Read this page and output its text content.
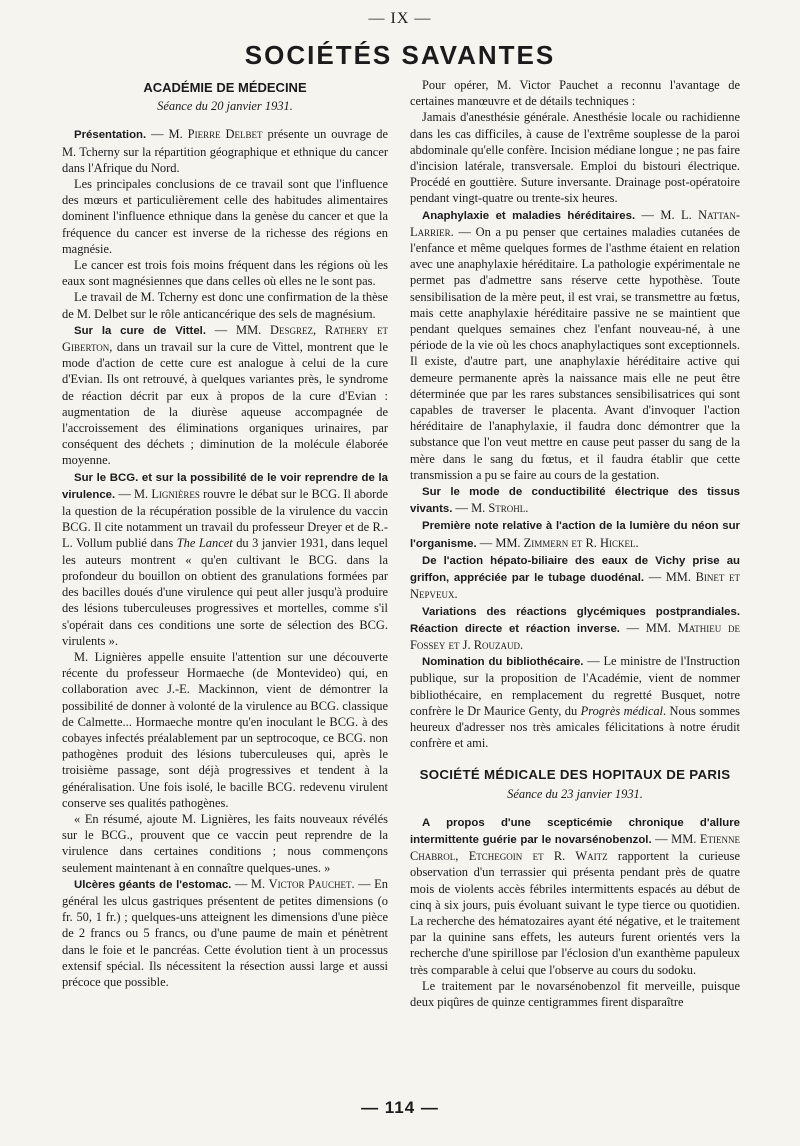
— IX —
SOCIÉTÉS SAVANTES
ACADÉMIE DE MÉDECINE
Séance du 20 janvier 1931.

Présentation. — M. Pierre Delbet présente un ouvrage de M. Tcherny sur la répartition géographique et ethnique du cancer dans l'Afrique du Nord.

Les principales conclusions de ce travail sont que l'influence des mœurs et particulièrement celle des habitudes alimentaires dominent l'influence ethnique dans la genèse du cancer et que la fréquence du cancer est inverse de la richesse des régions en magnésie.

Le cancer est trois fois moins fréquent dans les régions où les eaux sont magnésiennes que dans celles où elles ne le sont pas.

Le travail de M. Tcherny est donc une confirmation de la thèse de M. Delbet sur le rôle anticancérique des sels de magnésium.

Sur la cure de Vittel. — MM. Desgrez, Rathery et Giberton, dans un travail sur la cure de Vittel, montrent que le mode d'action de cette cure est analogue à celui de la cure d'Evian. Ils ont retrouvé, à quelques variantes près, le syndrome de réaction décrit par eux à propos de la cure d'Evian : augmentation de la diurèse aqueuse accompagnée de l'accroissement des éliminations organiques urinaires, par conséquent des déchets ; diminution de la molécule élaborée moyenne.

Sur le BCG. et sur la possibilité de le voir reprendre de la virulence. — M. Lignières rouvre le débat sur le BCG. Il aborde la question de la récupération possible de la virulence du vaccin BCG. Il cite notamment un travail du professeur Dreyer et de R.-L. Vollum publié dans The Lancet du 3 janvier 1931, dans lequel les auteurs montrent « qu'en cultivant le BCG. dans la profondeur du bouillon on obtient des granulations formées par des bacilles doués d'une virulence qui peut aller jusqu'à produire des lésions tuberculeuses progressives et mortelles, comme s'il s'opérait dans ces conditions une sorte de sélection des BCG. virulents ».

M. Lignières appelle ensuite l'attention sur une découverte récente du professeur Hormaeche (de Montevideo) qui, en collaboration avec J.-E. Mackinnon, vient de démontrer la possibilité de donner à volonté de la virulence au BCG. classique de Calmette... Hormaeche montre qu'en inoculant le BCG. à des cobayes infectés préalablement par un septrocoque, ce BCG. non pathogènes produit des lésions tuberculeuses qui, après le troisième passage, sont déjà progressives et tendent à la généralisation. Une fois isolé, le bacille BCG. redevenu virulent conserve ses qualités pathogènes.

« En résumé, ajoute M. Lignières, les faits nouveaux révélés sur le BCG., prouvent que ce vaccin peut reprendre de la virulence dans certaines conditions ; nous commençons seulement maintenant à en connaître quelques-unes. »

Ulcères géants de l'estomac. — M. Victor Pauchet. — En général les ulcus gastriques présentent de petites dimensions (o fr. 50, 1 fr.) ; quelques-uns atteignent les dimensions d'une pièce de 2 francs ou 5 francs, ou d'une paume de main et pénètrent dans le foie et le pancréas. Cette évolution tient à un processus extensif spécial. Ils nécessitent la résection aussi large et aussi précoce que possible.

Pour opérer, M. Victor Pauchet a reconnu l'avantage de certaines manœuvre et de détails techniques :

Jamais d'anesthésie générale. Anesthésie locale ou rachidienne dans les cas difficiles, à cause de l'extrême souplesse de la paroi abdominale qu'elle confère. Incision médiane longue ; ne pas faire d'incision latérale, transversale. Emploi du bistouri électrique. Procédé en gouttière. Suture inversante. Drainage post-opératoire pendant vingt-quatre ou trente-six heures.

Anaphylaxie et maladies héréditaires. — M. L. Nattan-Larrier. — On a pu penser que certaines maladies cutanées de l'enfance et même quelques formes de l'asthme étaient en relation avec une anaphylaxie héréditaire. La pathologie expérimentale ne permet pas d'admettre sans réserve cette hypothèse. Toute sensibilisation de la mère peut, il est vrai, se transmettre au fœtus, mais cette anaphylaxie héréditaire passive ne se maintient que pendant quelques semaines chez l'enfant nouveau-né, à une période de la vie où les chocs anaphylactiques sont exceptionnels. Il existe, d'autre part, une anaphylaxie héréditaire active qui demeure permanente après la naissance mais elle ne peut être déterminée que par les rares substances sensibilisatrices qui sont capables de traverser le placenta. Avant d'invoquer l'action héréditaire de l'anaphylaxie, il faudra donc démontrer que la substance que l'on veut mettre en cause peut passer du sang de la mère dans le sang du fœtus, et il faudra établir que cette transmission a pu se faire au cours de la gestation.

Sur le mode de conductibilité électrique des tissus vivants. — M. Strohl.

Première note relative à l'action de la lumière du néon sur l'organisme. — MM. Zimmern et R. Hickel.

De l'action hépato-biliaire des eaux de Vichy prise au griffon, appréciée par le tubage duodénal. — MM. Binet et Nepveux.

Variations des réactions glycémiques postprandiales. Réaction directe et réaction inverse. — MM. Mathieu de Fossey et J. Rouzaud.

Nomination du bibliothécaire. — Le ministre de l'Instruction publique, sur la proposition de l'Académie, vient de nommer bibliothécaire, en remplacement du regretté Busquet, notre confrère le Dr Maurice Genty, du Progrès médical. Nous sommes heureux d'adresser nos très amicales félicitations à notre érudit confrère et ami.

SOCIÉTÉ MÉDICALE DES HOPITAUX DE PARIS
Séance du 23 janvier 1931.

A propos d'une scepticémie chronique d'allure intermittente guérie par le novarsénobenzol. — MM. Etienne Chabrol, Etchegoin et R. Waitz rapportent la curieuse observation d'un terrassier qui présenta pendant près de quatre mois de violents accès fébriles intermittents espacés au début de cinq à six jours, puis évoluant suivant le type tierce ou quotidien. La recherche des hématozaires ayant été négative, et le traitement par la quinine sans effets, les auteurs furent orientés vers la recherche d'une spirillose par l'éclosion d'un exanthème papuleux très comparable à celui que l'observe au cours du sodoku.

Le traitement par le novarsénobenzol fit merveille, puisque deux piqûres de quinze centigrammes firent disparaître

— 114 —
